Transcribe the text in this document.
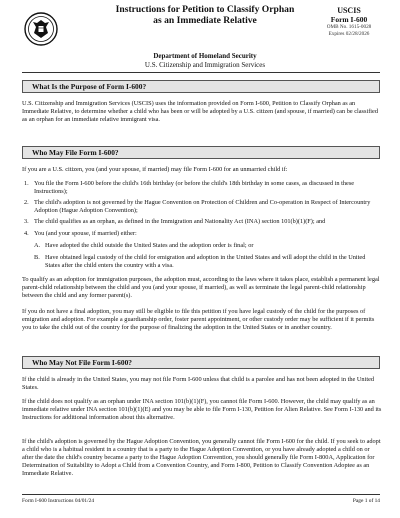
Instructions for Petition to Classify Orphan
as an Immediate Relative
Department of Homeland Security
U.S. Citizenship and Immigration Services
USCIS
Form I-600
OMB No. 1615-0028
Expires 02/28/2026
What Is the Purpose of Form I-600?
U.S. Citizenship and Immigration Services (USCIS) uses the information provided on Form I-600, Petition to Classify Orphan as an Immediate Relative, to determine whether a child who has been or will be adopted by a U.S. citizen (and spouse, if married) can be classified as an orphan for an immediate relative immigrant visa.
Who May File Form I-600?
If you are a U.S. citizen, you (and your spouse, if married) may file Form I-600 for an unmarried child if:
1. You file the Form I-600 before the child's 16th birthday (or before the child's 18th birthday in some cases, as discussed in these Instructions);
2. The child's adoption is not governed by the Hague Convention on Protection of Children and Co-operation in Respect of Intercountry Adoption (Hague Adoption Convention);
3. The child qualifies as an orphan, as defined in the Immigration and Nationality Act (INA) section 101(b)(1)(F); and
4. You (and your spouse, if married) either:
A. Have adopted the child outside the United States and the adoption order is final; or
B. Have obtained legal custody of the child for emigration and adoption in the United States and will adopt the child in the United States after the child enters the country with a visa.
To qualify as an adoption for immigration purposes, the adoption must, according to the laws where it takes place, establish a permanent legal parent-child relationship between the child and you (and your spouse, if married), as well as terminate the legal parent-child relationship between the child and any former parent(s).
If you do not have a final adoption, you may still be eligible to file this petition if you have legal custody of the child for the purposes of emigration and adoption. For example a guardianship order, foster parent appointment, or other custody order may be sufficient if it permits you to take the child out of the country for the purpose of finalizing the adoption in the United States or in another country.
Who May Not File Form I-600?
If the child is already in the United States, you may not file Form I-600 unless that child is a parolee and has not been adopted in the United States.
If the child does not qualify as an orphan under INA section 101(b)(1)(F), you cannot file Form I-600. However, the child may qualify as an immediate relative under INA section 101(b)(1)(E) and you may be able to file Form I-130, Petition for Alien Relative. See Form I-130 and its Instructions for additional information about this alternative.
If the child's adoption is governed by the Hague Adoption Convention, you generally cannot file Form I-600 for the child. If you seek to adopt a child who is a habitual resident in a country that is a party to the Hague Adoption Convention, or you have already adopted a child on or after the date the child's country became a party to the Hague Adoption Convention, you should generally file Form I-800A, Application for Determination of Suitability to Adopt a Child from a Convention Country, and Form I-800, Petition to Classify Convention Adoptee as an Immediate Relative.
Form I-600 Instructions 04/01/24	Page 1 of 14
